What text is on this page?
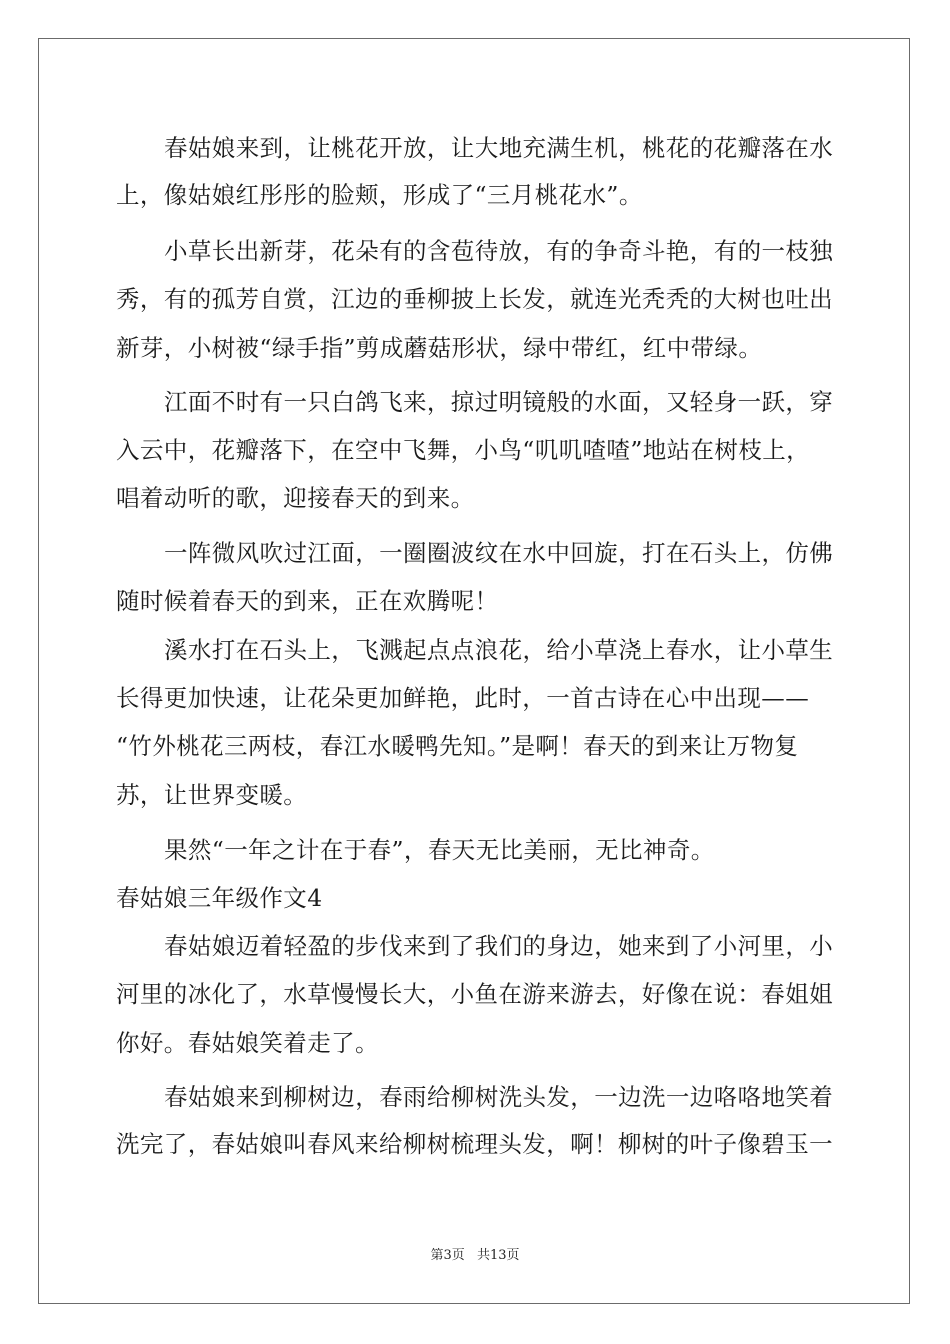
春姑娘来到，让桃花开放，让大地充满生机，桃花的花瓣落在水
上，像姑娘红彤彤的脸颊，形成了“三月桃花水”。
小草长出新芽，花朵有的含苞待放，有的争奇斗艳，有的一枝独
秀，有的孤芳自赏，江边的垂柳披上长发，就连光秃秃的大树也吐出
新芽，小树被“绿手指”剪成蘑菇形状，绿中带红，红中带绿。
江面不时有一只白鸽飞来，掠过明镜般的水面，又轻身一跃，穿
入云中，花瓣落下，在空中飞舞，小鸟“叽叽喳喳”地站在树枝上，
唱着动听的歌，迎接春天的到来。
一阵微风吹过江面，一圈圈波纹在水中回旋，打在石头上，仿佛
随时候着春天的到来，正在欢腾呢！
溪水打在石头上，飞溅起点点浪花，给小草浇上春水，让小草生
长得更加快速，让花朵更加鲜艳，此时，一首古诗在心中出现——
“竹外桃花三两枝，春江水暖鸭先知。”是啊！春天的到来让万物复
苏，让世界变暖。
果然“一年之计在于春”，春天无比美丽，无比神奇。
春姑娘三年级作文4
春姑娘迈着轻盈的步伐来到了我们的身边，她来到了小河里，小
河里的冰化了，水草慢慢长大，小鱼在游来游去，好像在说：春姐姐
你好。春姑娘笑着走了。
春姑娘来到柳树边，春雨给柳树洗头发，一边洗一边咯咯地笑着
洗完了，春姑娘叫春风来给柳树梳理头发，啊！柳树的叶子像碧玉一
第3页 共13页
